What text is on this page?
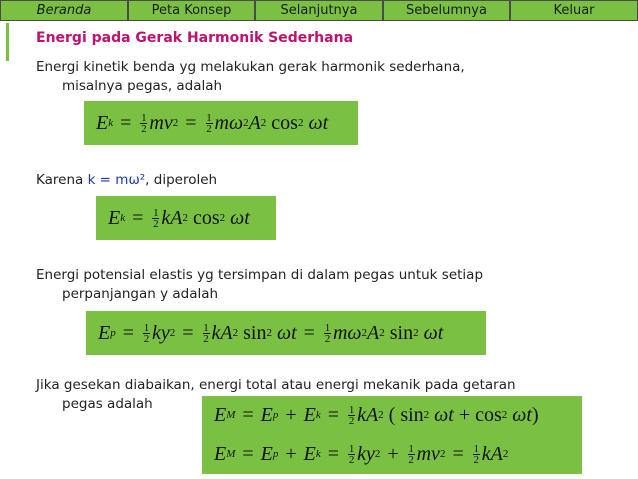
Beranda	Peta Konsep	Selanjutnya	Sebelumnya	Keluar
Energi pada Gerak Harmonik Sederhana
Energi kinetik benda yg melakukan gerak harmonik sederhana,
misalnya pegas, adalah
E $k = \frac{1}{2}$ mv $2 = \frac{1}{2}$ m ω 2 A 2 cos 2
ωt
Karena k = mω², diperoleh
E $k = \frac{1}{2}$ kA 2 cos 2
ωt
Energi potensial elastis yg tersimpan di dalam pegas untuk setiap
perpanjangan y adalah
E $p = \frac{1}{2}$ ky $2 = \frac{1}{2}$ kA 2 sin 2
$\omega t = \frac{1}{2}$ m ω 2 A 2 sin 2
ωt
Jika gesekan diabaikan, energi total atau energi mekanik pada getaran
pegas adalah	E M = E p + E $k = \frac{1}{2}$ kA 2 ( sin 2
ωt + cos 2
ωt )
E M = E p + E $k = \frac{1}{2}$ ky $2 + \frac{1}{2}$ mv $2 = \frac{1}{2}$ kA 2
